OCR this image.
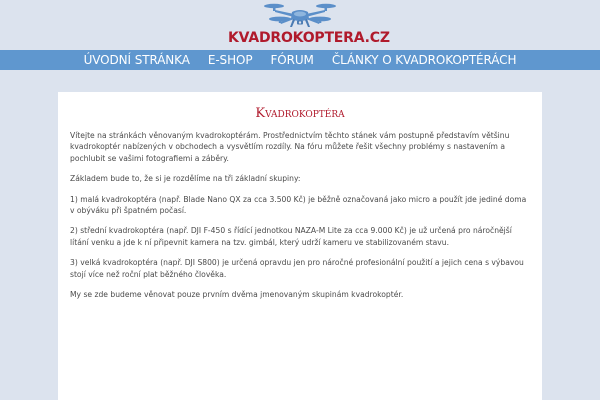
KVADROKOPTERA.CZ
ÚVODNÍ STRÁNKA E-SHOP FÓRUM ČLÁNKY O KVADROKOPTÉRÁCH
Kvadrokoptéra

Vítejte na stránkách věnovaným kvadrokoptérám. Prostřednictvím těchto stánek vám postupně představím většinu kvadrokoptér nabízených v obchodech a vysvětlím rozdíly. Na fóru můžete řešit všechny problémy s nastavením a pochlubit se vašimi fotografiemi a záběry.

Základem bude to, že si je rozdělíme na tři základní skupiny:

1) malá kvadrokoptéra (např. Blade Nano QX za cca 3.500 Kč) je běžně označovaná jako micro a použít jde jediné doma v obýváku při špatném počasí.

2) střední kvadrokoptéra (např. DJI F-450 s řídící jednotkou NAZA-M Lite za cca 9.000 Kč) je už určená pro náročnější lítání venku a jde k ní připevnit kamera na tzv. gimbál, který udrží kameru ve stabilizovaném stavu.

3) velká kvadrokoptéra (např. DJI S800) je určená opravdu jen pro náročné profesionální použití a jejich cena s výbavou stojí více než roční plat běžného člověka.

My se zde budeme věnovat pouze prvním dvěma jmenovaným skupinám kvadrokoptér.
